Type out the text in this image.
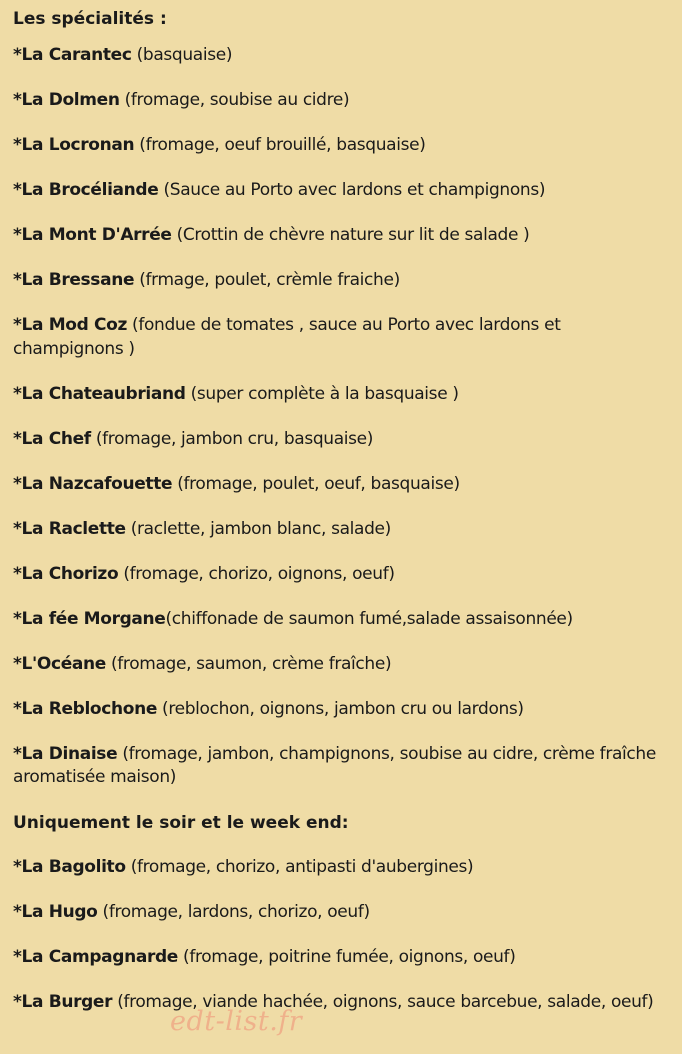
Les spécialités :
*La Carantec (basquaise)
*La Dolmen (fromage, soubise au cidre)
*La Locronan (fromage, oeuf brouillé, basquaise)
*La Brocéliande (Sauce au Porto avec lardons et champignons)
*La Mont D'Arrée (Crottin de chèvre nature sur lit de salade )
*La Bressane (frmage, poulet, crèmle fraiche)
*La Mod Coz (fondue de tomates , sauce au Porto avec lardons et champignons )
*La Chateaubriand (super complète à la basquaise )
*La Chef (fromage, jambon cru, basquaise)
*La Nazcafouette (fromage, poulet, oeuf, basquaise)
*La Raclette (raclette, jambon blanc, salade)
*La Chorizo (fromage, chorizo, oignons, oeuf)
*La fée Morgane(chiffonade de saumon fumé,salade assaisonnée)
*L'Océane (fromage, saumon, crème fraîche)
*La Reblochone (reblochon, oignons, jambon cru ou lardons)
*La Dinaise (fromage, jambon, champignons, soubise au cidre, crème fraîche aromatisée maison)
Uniquement le soir et le week end:
*La Bagolito (fromage, chorizo, antipasti d'aubergines)
*La Hugo (fromage, lardons, chorizo, oeuf)
*La Campagnarde (fromage, poitrine fumée, oignons, oeuf)
*La Burger (fromage, viande hachée, oignons, sauce barcebue, salade, oeuf)
edt-list.fr
